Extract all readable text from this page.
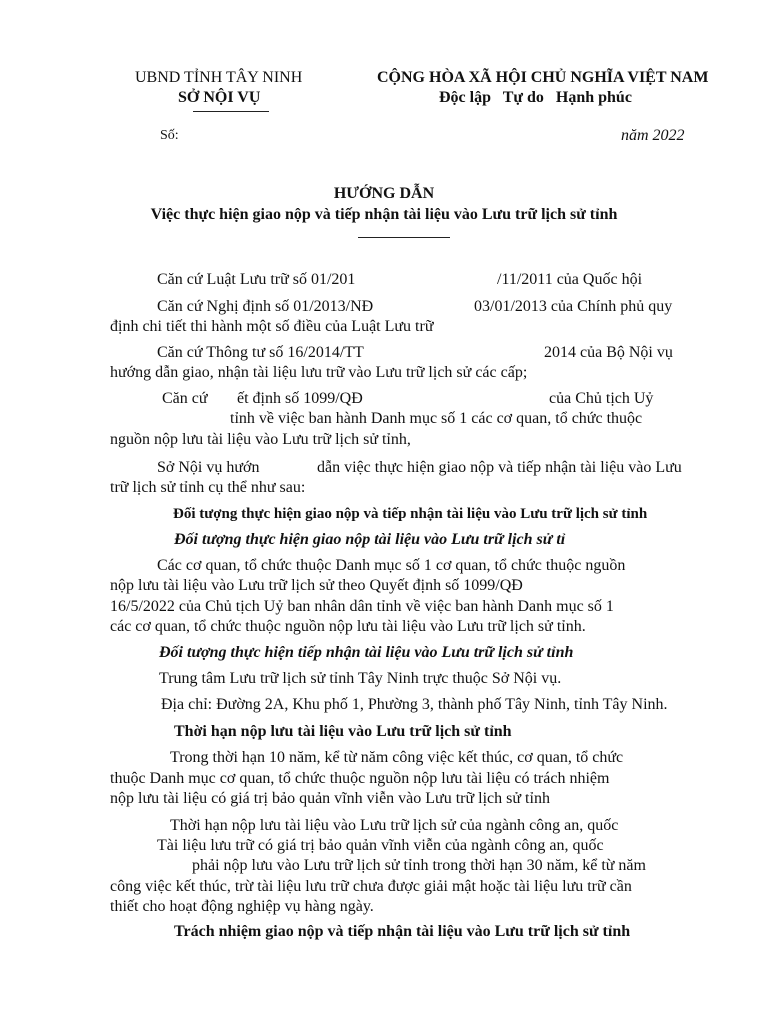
UBND TỈNH TÂY NINH
SỞ NỘI VỤ
CỘNG HÒA XÃ HỘI CHỦ NGHĨA VIỆT NAM
Độc lập   Tự do   Hạnh phúc
Số:	năm 2022
HƯỚNG DẪN
Việc thực hiện giao nộp và tiếp nhận tài liệu vào Lưu trữ lịch sử tỉnh
Căn cứ Luật Lưu trữ số 01/201	/11/2011 của Quốc hội
Căn cứ Nghị định số 01/2013/NĐ	03/01/2013 của Chính phủ quy
định chi tiết thi hành một số điều của Luật Lưu trữ
Căn cứ Thông tư số 16/2014/TT	2014 của Bộ Nội vụ
hướng dẫn giao, nhận tài liệu lưu trữ vào Lưu trữ lịch sử các cấp;
Căn cứ ết định số 1099/QĐ	của Chủ tịch Uỷ
tỉnh về việc ban hành Danh mục số 1 các cơ quan, tổ chức thuộc
nguồn nộp lưu tài liệu vào Lưu trữ lịch sử tỉnh,
Sở Nội vụ hướn	dẫn việc thực hiện giao nộp và tiếp nhận tài liệu vào Lưu
trữ lịch sử tỉnh cụ thể như sau:
Đối tượng thực hiện giao nộp và tiếp nhận tài liệu vào Lưu trữ lịch sử tỉnh
Đối tượng thực hiện giao nộp tài liệu vào Lưu trữ lịch sử tỉ
Các cơ quan, tổ chức thuộc Danh mục số 1 cơ quan, tổ chức thuộc nguồn
nộp lưu tài liệu vào Lưu trữ lịch sử theo Quyết định số 1099/QĐ
16/5/2022 của Chủ tịch Uỷ ban nhân dân tỉnh về việc ban hành Danh mục số 1
các cơ quan, tổ chức thuộc nguồn nộp lưu tài liệu vào Lưu trữ lịch sử tỉnh.
Đối tượng thực hiện tiếp nhận tài liệu vào Lưu trữ lịch sử tỉnh
Trung tâm Lưu trữ lịch sử tỉnh Tây Ninh trực thuộc Sở Nội vụ.
Địa chỉ: Đường 2A, Khu phố 1, Phường 3, thành phố Tây Ninh, tỉnh Tây Ninh.
Thời hạn nộp lưu tài liệu vào Lưu trữ lịch sử tỉnh
Trong thời hạn 10 năm, kể từ năm công việc kết thúc, cơ quan, tổ chức
thuộc Danh mục cơ quan, tổ chức thuộc nguồn nộp lưu tài liệu có trách nhiệm
nộp lưu tài liệu có giá trị bảo quản vĩnh viễn vào Lưu trữ lịch sử tỉnh
Thời hạn nộp lưu tài liệu vào Lưu trữ lịch sử của ngành công an, quốc
Tài liệu lưu trữ có giá trị bảo quản vĩnh viễn của ngành công an, quốc
phải nộp lưu vào Lưu trữ lịch sử tỉnh trong thời hạn 30 năm, kể từ năm
công việc kết thúc, trừ tài liệu lưu trữ chưa được giải mật hoặc tài liệu lưu trữ cần
thiết cho hoạt động nghiệp vụ hàng ngày.
Trách nhiệm giao nộp và tiếp nhận tài liệu vào Lưu trữ lịch sử tỉnh
